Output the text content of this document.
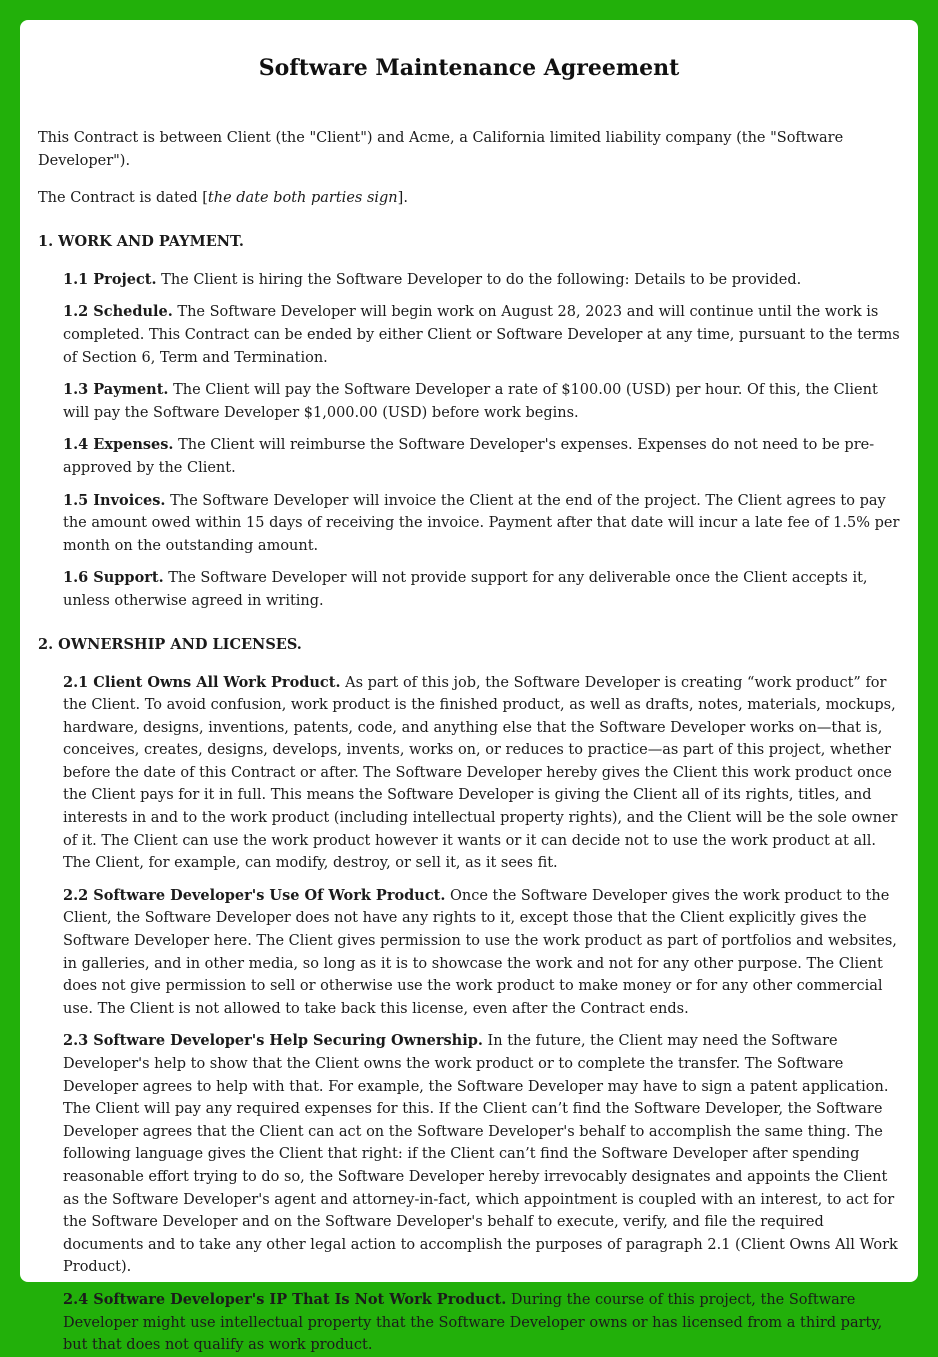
Software Maintenance Agreement

This Contract is between Client (the "Client") and Acme, a California limited liability company (the "Software Developer").

The Contract is dated [the date both parties sign].

1. WORK AND PAYMENT.

1.1 Project. The Client is hiring the Software Developer to do the following: Details to be provided.

1.2 Schedule. The Software Developer will begin work on August 28, 2023 and will continue until the work is completed. This Contract can be ended by either Client or Software Developer at any time, pursuant to the terms of Section 6, Term and Termination.

1.3 Payment. The Client will pay the Software Developer a rate of $100.00 (USD) per hour. Of this, the Client will pay the Software Developer $1,000.00 (USD) before work begins.

1.4 Expenses. The Client will reimburse the Software Developer's expenses. Expenses do not need to be pre-approved by the Client.

1.5 Invoices. The Software Developer will invoice the Client at the end of the project. The Client agrees to pay the amount owed within 15 days of receiving the invoice. Payment after that date will incur a late fee of 1.5% per month on the outstanding amount.

1.6 Support. The Software Developer will not provide support for any deliverable once the Client accepts it, unless otherwise agreed in writing.

2. OWNERSHIP AND LICENSES.

2.1 Client Owns All Work Product. As part of this job, the Software Developer is creating “work product” for the Client. To avoid confusion, work product is the finished product, as well as drafts, notes, materials, mockups, hardware, designs, inventions, patents, code, and anything else that the Software Developer works on—that is, conceives, creates, designs, develops, invents, works on, or reduces to practice—as part of this project, whether before the date of this Contract or after. The Software Developer hereby gives the Client this work product once the Client pays for it in full. This means the Software Developer is giving the Client all of its rights, titles, and interests in and to the work product (including intellectual property rights), and the Client will be the sole owner of it. The Client can use the work product however it wants or it can decide not to use the work product at all. The Client, for example, can modify, destroy, or sell it, as it sees fit.

2.2 Software Developer's Use Of Work Product. Once the Software Developer gives the work product to the Client, the Software Developer does not have any rights to it, except those that the Client explicitly gives the Software Developer here. The Client gives permission to use the work product as part of portfolios and websites, in galleries, and in other media, so long as it is to showcase the work and not for any other purpose. The Client does not give permission to sell or otherwise use the work product to make money or for any other commercial use. The Client is not allowed to take back this license, even after the Contract ends.

2.3 Software Developer's Help Securing Ownership. In the future, the Client may need the Software Developer's help to show that the Client owns the work product or to complete the transfer. The Software Developer agrees to help with that. For example, the Software Developer may have to sign a patent application. The Client will pay any required expenses for this. If the Client can’t find the Software Developer, the Software Developer agrees that the Client can act on the Software Developer's behalf to accomplish the same thing. The following language gives the Client that right: if the Client can’t find the Software Developer after spending reasonable effort trying to do so, the Software Developer hereby irrevocably designates and appoints the Client as the Software Developer's agent and attorney-in-fact, which appointment is coupled with an interest, to act for the Software Developer and on the Software Developer's behalf to execute, verify, and file the required documents and to take any other legal action to accomplish the purposes of paragraph 2.1 (Client Owns All Work Product).

2.4 Software Developer's IP That Is Not Work Product. During the course of this project, the Software Developer might use intellectual property that the Software Developer owns or has licensed from a third party, but that does not qualify as work product.
